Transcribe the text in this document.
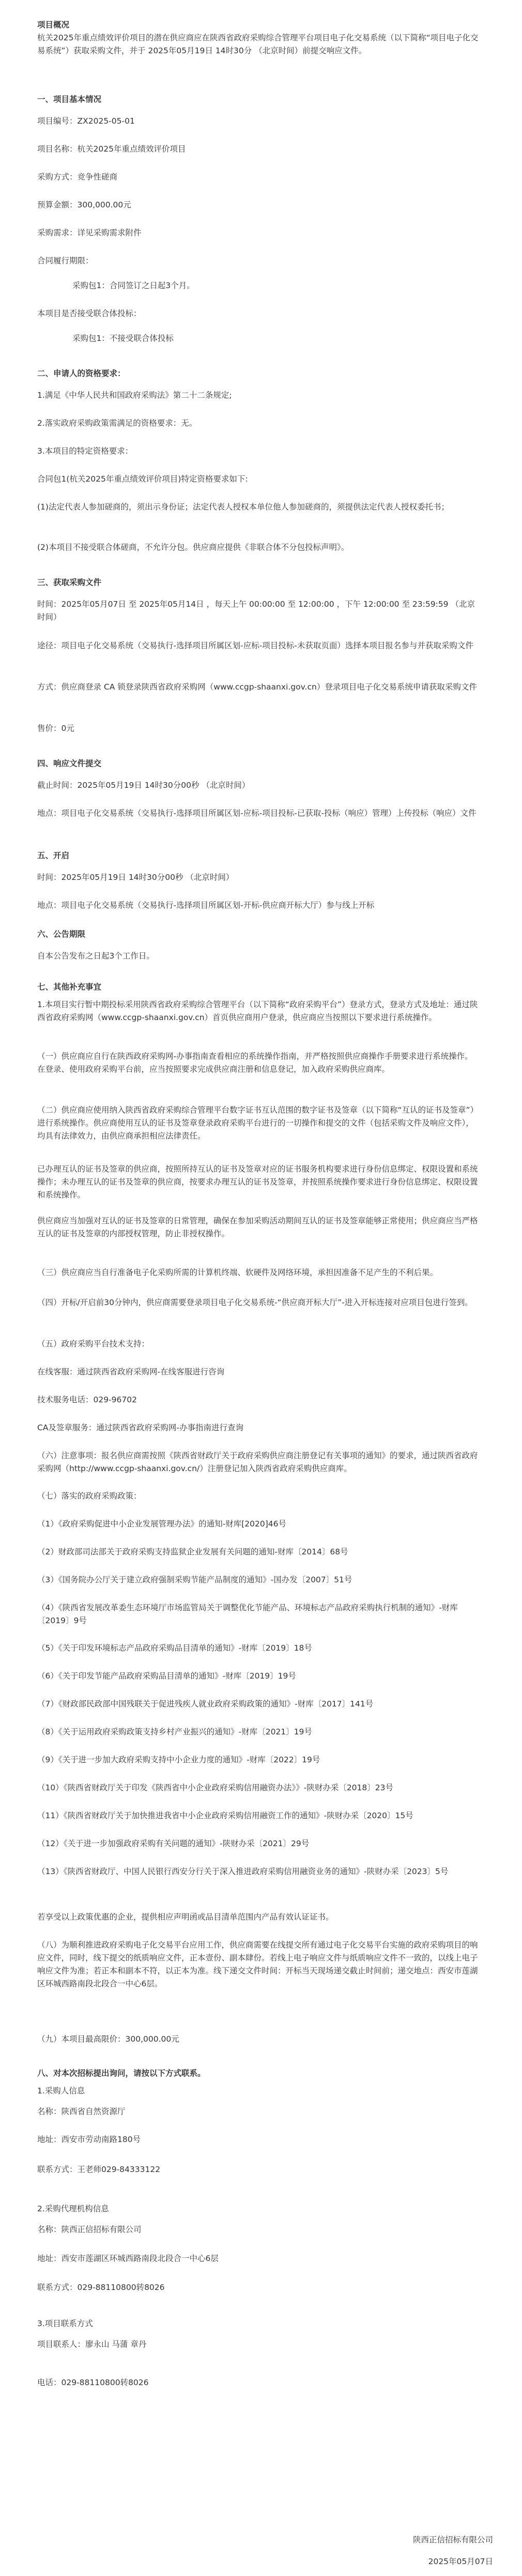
项目概况

杭关2025年重点绩效评价项目的潜在供应商应在陕西省政府采购综合管理平台项目电子化交易系统（以下简称“项目电子化交易系统”）获取采购文件，并于 2025年05月19日 14时30分 （北京时间）前提交响应文件。

一、项目基本情况

项目编号：ZX2025-05-01

项目名称：杭关2025年重点绩效评价项目

采购方式：竞争性磋商

预算金额：300,000.00元

采购需求：详见采购需求附件

合同履行期限：

采购包1：合同签订之日起3个月。

本项目是否接受联合体投标：

采购包1：不接受联合体投标

二、申请人的资格要求：

1.满足《中华人民共和国政府采购法》第二十二条规定;

2.落实政府采购政策需满足的资格要求：无。

3.本项目的特定资格要求：

合同包1(杭关2025年重点绩效评价项目)特定资格要求如下:

(1)法定代表人参加磋商的，须出示身份证；法定代表人授权本单位他人参加磋商的，须提供法定代表人授权委托书；

(2)本项目不接受联合体磋商，不允许分包。供应商应提供《非联合体不分包投标声明》。

三、获取采购文件

时间：2025年05月07日 至 2025年05月14日 ，每天上午 00:00:00 至 12:00:00 ，下午 12:00:00 至 23:59:59 （北京时间）

途径：项目电子化交易系统（交易执行-选择项目所属区划-应标-项目投标-未获取页面）选择本项目报名参与并获取采购文件

方式：供应商登录 CA 锁登录陕西省政府采购网（www.ccgp-shaanxi.gov.cn）登录项目电子化交易系统申请获取采购文件

售价：0元

四、响应文件提交

截止时间：2025年05月19日 14时30分00秒 （北京时间）

地点：项目电子化交易系统（交易执行-选择项目所属区划-应标-项目投标-已获取-投标（响应）管理）上传投标（响应）文件

五、开启

时间：2025年05月19日 14时30分00秒 （北京时间）

地点：项目电子化交易系统（交易执行-选择项目所属区划-开标-供应商开标大厅）参与线上开标

六、公告期限

自本公告发布之日起3个工作日。

七、其他补充事宜

1.本项目实行暂中期投标采用陕西省政府采购综合管理平台（以下简称“政府采购平台”）登录方式，登录方式及地址：通过陕西省政府采购网（www.ccgp-shaanxi.gov.cn）首页供应商用户登录，供应商应当按照以下要求进行系统操作。

（一）供应商应自行在陕西政府采购网-办事指南查看相应的系统操作指南，并严格按照供应商操作手册要求进行系统操作。在登录、使用政府采购平台前，应当按照要求完成供应商注册和信息登记，加入政府采购供应商库。

（二）供应商应使用纳入陕西省政府采购综合管理平台数字证书互认范围的数字证书及签章（以下简称“互认的证书及签章”）进行系统操作。供应商使用互认的证书及签章登录政府采购平台进行的一切操作和提交的文件（包括采购文件及响应文件），均具有法律效力，由供应商承担相应法律责任。

已办理互认的证书及签章的供应商，按照所持互认的证书及签章对应的证书服务机构要求进行身份信息绑定、权限设置和系统操作；未办理互认的证书及签章的供应商，按要求办理互认的证书及签章，并按照系统操作要求进行身份信息绑定、权限设置和系统操作。

供应商应当加强对互认的证书及签章的日常管理，确保在参加采购活动期间互认的证书及签章能够正常使用；供应商应当严格互认的证书及签章的内部授权管理，防止非授权操作。

（三）供应商应当自行准备电子化采购所需的计算机终端、软硬件及网络环境，承担因准备不足产生的不利后果。

（四）开标/开启前30分钟内，供应商需要登录项目电子化交易系统-“供应商开标大厅”-进入开标连接对应项目包进行签到。

（五）政府采购平台技术支持：

在线客服：通过陕西省政府采购网-在线客服进行咨询

技术服务电话：029-96702

CA及签章服务：通过陕西省政府采购网-办事指南进行查询

（六）注意事项：报名供应商需按照《陕西省财政厅关于政府采购供应商注册登记有关事项的通知》的要求，通过陕西省政府采购网（http://www.ccgp-shaanxi.gov.cn/）注册登记加入陕西省政府采购供应商库。

（七）落实的政府采购政策：

（1）《政府采购促进中小企业发展管理办法》的通知-财库[2020]46号

（2）财政部司法部关于政府采购支持监狱企业发展有关问题的通知-财库〔2014〕68号

（3）《国务院办公厅关于建立政府强制采购节能产品制度的通知》-国办发〔2007〕51号

（4）《陕西省发展改革委生态环境厅市场监管局关于调整优化节能产品、环境标志产品政府采购执行机制的通知》-财库〔2019〕9号

（5）《关于印发环境标志产品政府采购品目清单的通知》-财库〔2019〕18号

（6）《关于印发节能产品政府采购品目清单的通知》-财库〔2019〕19号

（7）《财政部民政部中国残联关于促进残疾人就业政府采购政策的通知》-财库〔2017〕141号

（8）《关于运用政府采购政策支持乡村产业振兴的通知》-财库〔2021〕19号

（9）《关于进一步加大政府采购支持中小企业力度的通知》-财库〔2022〕19号

（10）《陕西省财政厅关于印发《陕西省中小企业政府采购信用融资办法》》-陕财办采〔2018〕23号

（11）《陕西省财政厅关于加快推进我省中小企业政府采购信用融资工作的通知》-陕财办采〔2020〕15号

（12）《关于进一步加强政府采购有关问题的通知》-陕财办采〔2021〕29号

（13）《陕西省财政厅、中国人民银行西安分行关于深入推进政府采购信用融资业务的通知》-陕财办采〔2023〕5号

若享受以上政策优惠的企业，提供相应声明函或品目清单范围内产品有效认证证书。

（八）为顺利推进政府采购电子化交易平台应用工作，供应商需要在线提交所有通过电子化交易平台实施的政府采购项目的响应文件，同时，线下提交的纸质响应文件，正本壹份、副本肆份。若线上电子响应文件与纸质响应文件不一致的，以线上电子响应文件为准；若正本和副本不符，以正本为准。线下递交文件时间：开标当天现场递交截止时间前；递交地点：西安市莲湖区环城西路南段北段合一中心6层。

（九）本项目最高限价：300,000.00元

八、对本次招标提出询问，请按以下方式联系。

1.采购人信息

名称：陕西省自然资源厅

地址：西安市劳动南路180号

联系方式：王老师029-84333122

2.采购代理机构信息

名称：陕西正信招标有限公司

地址：西安市莲湖区环城西路南段北段合一中心6层

联系方式：029-88110800转8026

3.项目联系方式

项目联系人：廖永山 马蒲 章丹

电话：029-88110800转8026

陕西正信招标有限公司

2025年05月07日
